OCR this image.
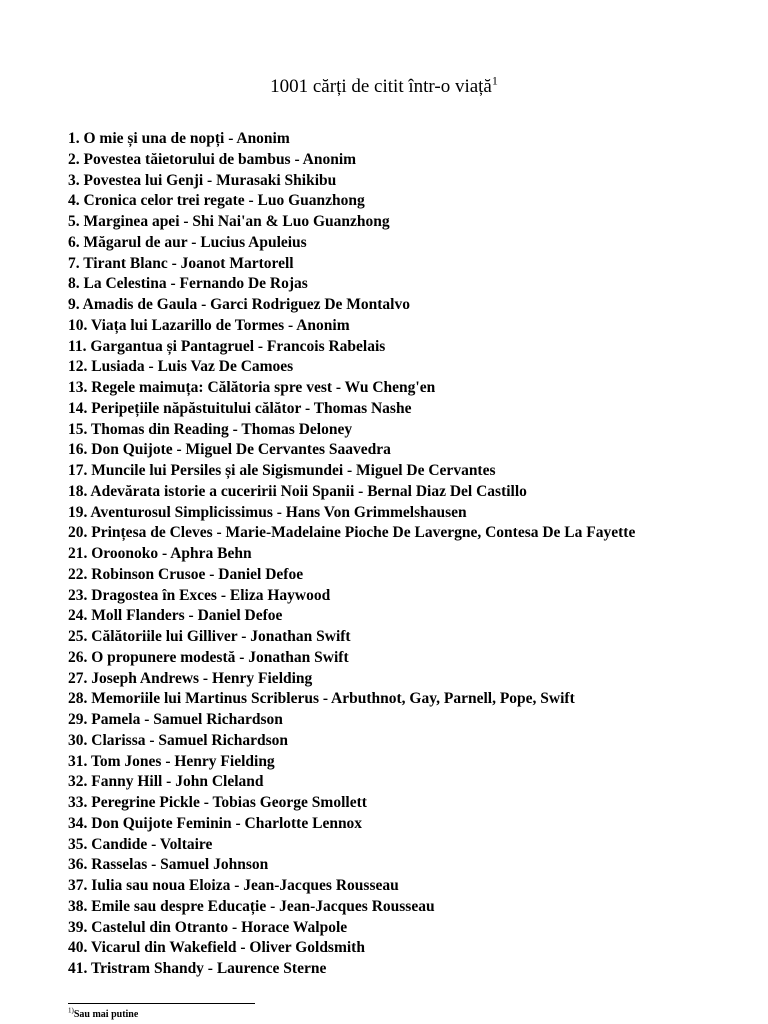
1001 cărți de citit într-o viață$^1$
1. O mie și una de nopți - Anonim
2. Povestea tăietorului de bambus - Anonim
3. Povestea lui Genji - Murasaki Shikibu
4. Cronica celor trei regate - Luo Guanzhong
5. Marginea apei - Shi Nai'an & Luo Guanzhong
6. Măgarul de aur - Lucius Apuleius
7. Tirant Blanc - Joanot Martorell
8. La Celestina - Fernando De Rojas
9. Amadis de Gaula - Garci Rodriguez De Montalvo
10. Viața lui Lazarillo de Tormes - Anonim
11. Gargantua și Pantagruel - Francois Rabelais
12. Lusiada - Luis Vaz De Camoes
13. Regele maimuța: Călătoria spre vest - Wu Cheng'en
14. Peripețiile năpăstuitului călător - Thomas Nashe
15. Thomas din Reading - Thomas Deloney
16. Don Quijote - Miguel De Cervantes Saavedra
17. Muncile lui Persiles și ale Sigismundei - Miguel De Cervantes
18. Adevărata istorie a cuceririi Noii Spanii - Bernal Diaz Del Castillo
19. Aventurosul Simplicissimus - Hans Von Grimmelshausen
20. Prințesa de Cleves - Marie-Madelaine Pioche De Lavergne, Contesa De La Fayette
21. Oroonoko - Aphra Behn
22. Robinson Crusoe - Daniel Defoe
23. Dragostea în Exces - Eliza Haywood
24. Moll Flanders - Daniel Defoe
25. Călătoriile lui Gilliver - Jonathan Swift
26. O propunere modestă - Jonathan Swift
27. Joseph Andrews - Henry Fielding
28. Memoriile lui Martinus Scriblerus - Arbuthnot, Gay, Parnell, Pope, Swift
29. Pamela - Samuel Richardson
30. Clarissa - Samuel Richardson
31. Tom Jones - Henry Fielding
32. Fanny Hill - John Cleland
33. Peregrine Pickle - Tobias George Smollett
34. Don Quijote Feminin - Charlotte Lennox
35. Candide - Voltaire
36. Rasselas - Samuel Johnson
37. Iulia sau noua Eloiza - Jean-Jacques Rousseau
38. Emile sau despre Educație - Jean-Jacques Rousseau
39. Castelul din Otranto - Horace Walpole
40. Vicarul din Wakefield - Oliver Goldsmith
41. Tristram Shandy - Laurence Sterne
$^{1)}$Sau mai putine
